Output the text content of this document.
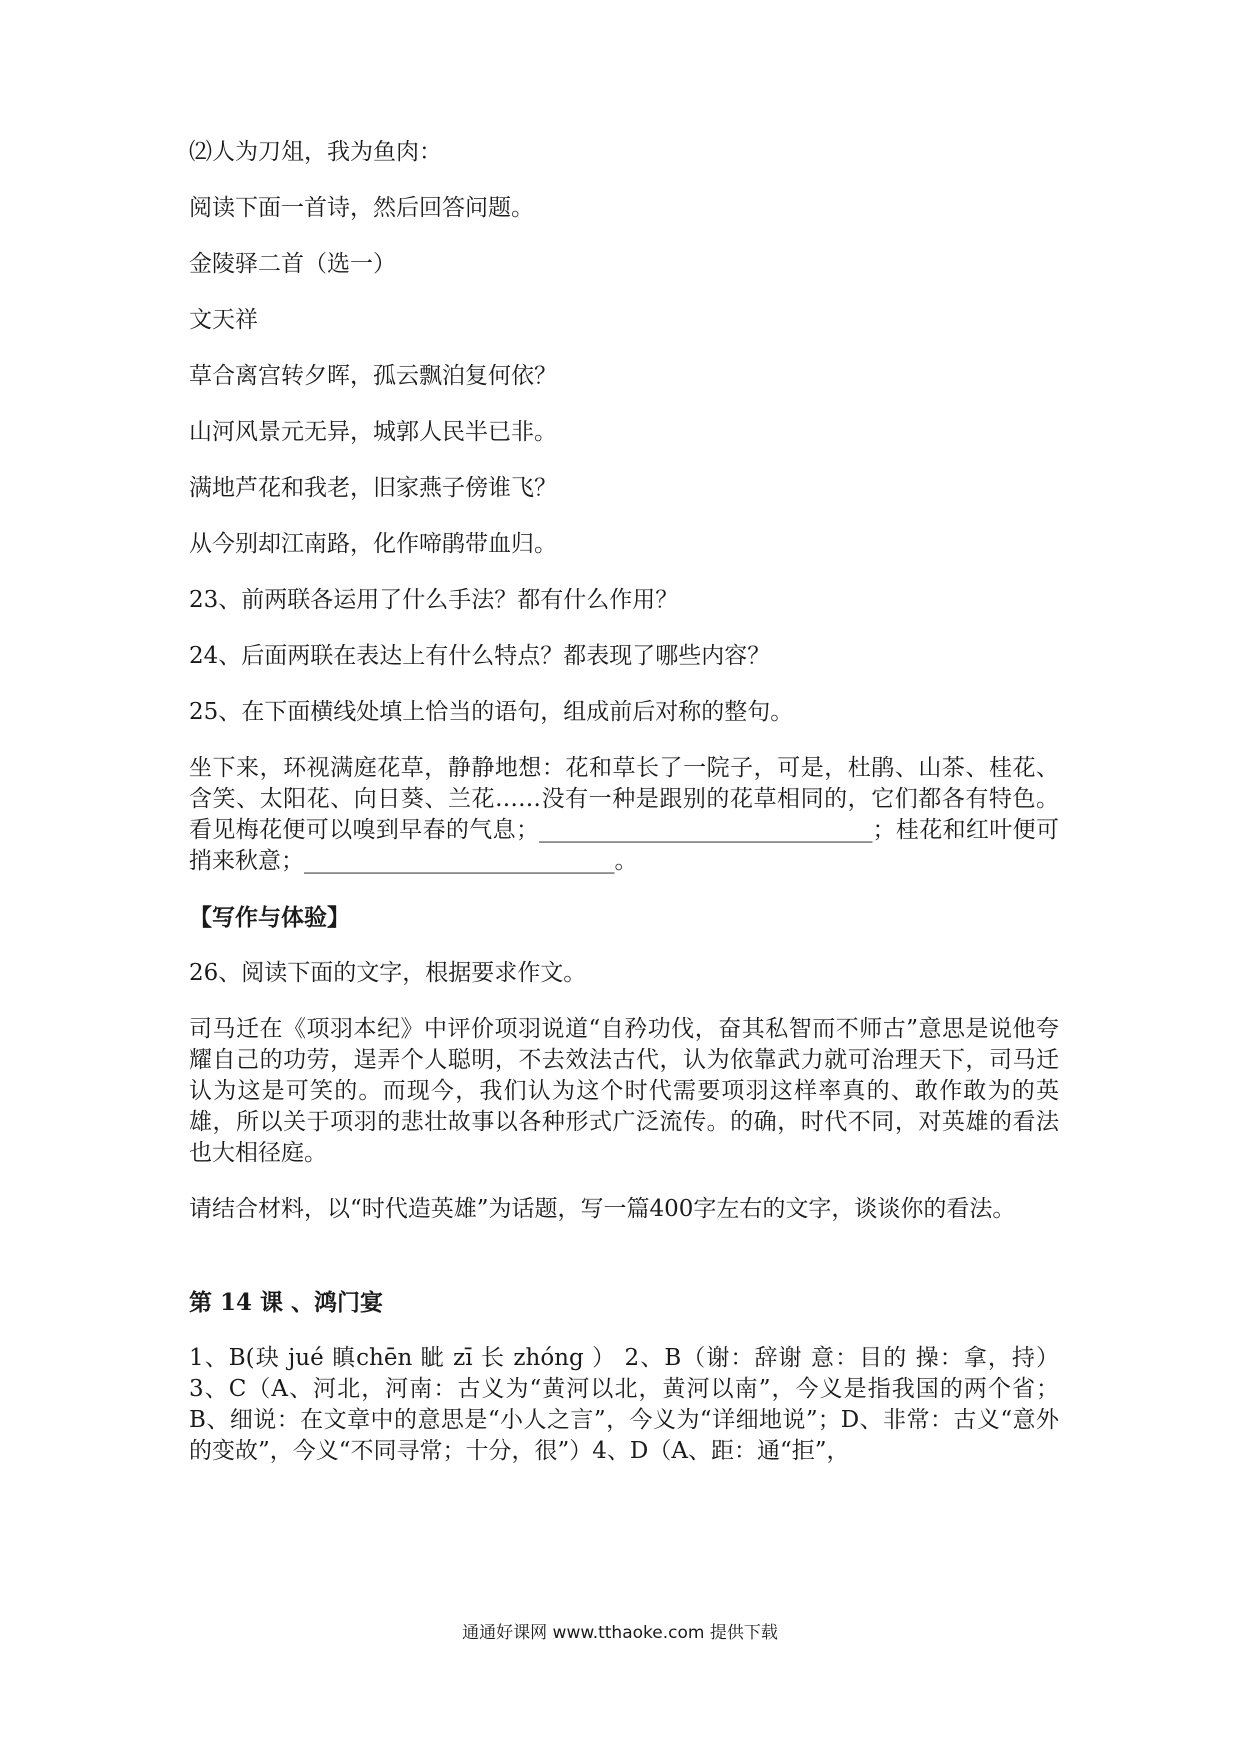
⑵人为刀俎，我为鱼肉：

阅读下面一首诗，然后回答问题。

金陵驿二首（选一）

文天祥

草合离宫转夕晖，孤云飘泊复何依？

山河风景元无异，城郭人民半已非。

满地芦花和我老，旧家燕子傍谁飞？

从今别却江南路，化作啼鹃带血归。

23、前两联各运用了什么手法？都有什么作用？

24、后面两联在表达上有什么特点？都表现了哪些内容？

25、在下面横线处填上恰当的语句，组成前后对称的整句。

坐下来，环视满庭花草，静静地想：花和草长了一院子，可是，杜鹃、山茶、桂花、含笑、太阳花、向日葵、兰花……没有一种是跟别的花草相同的，它们都各有特色。看见梅花便可以嗅到早春的气息；_____________________________；桂花和红叶便可捎来秋意；___________________________。

【写作与体验】

26、阅读下面的文字，根据要求作文。

司马迁在《项羽本纪》中评价项羽说道“自矜功伐，奋其私智而不师古”意思是说他夸耀自己的功劳，逞弄个人聪明，不去效法古代，认为依靠武力就可治理天下，司马迁认为这是可笑的。而现今，我们认为这个时代需要项羽这样率真的、敢作敢为的英雄，所以关于项羽的悲壮故事以各种形式广泛流传。的确，时代不同，对英雄的看法也大相径庭。

请结合材料，以“时代造英雄”为话题，写一篇400字左右的文字，谈谈你的看法。

第 14 课 、鸿门宴

1、B(玦 jué 瞋chēn 眦 zī 长 zhóng ） 2、B（谢：辞谢 意：目的 操：拿，持）3、C（A、河北，河南：古义为“黄河以北，黄河以南”，今义是指我国的两个省；B、细说：在文章中的意思是“小人之言”，今义为“详细地说”；D、非常：古义“意外的变故”，今义“不同寻常；十分，很”）4、D（A、距：通“拒”，

通通好课网 www.tthaoke.com 提供下载
